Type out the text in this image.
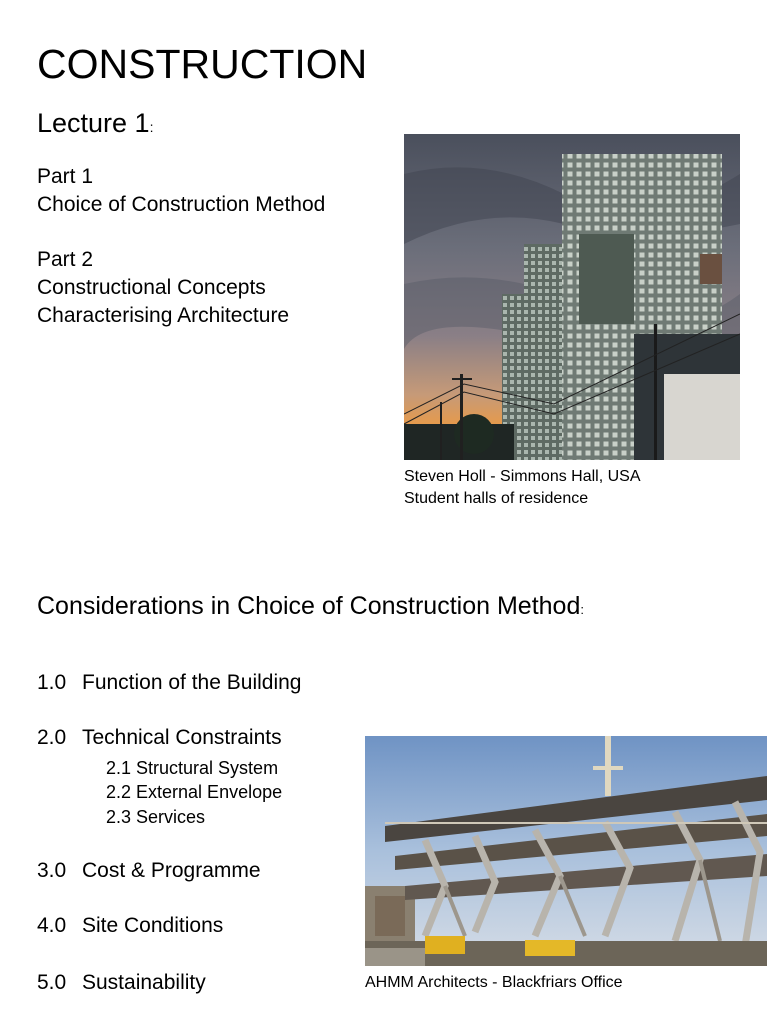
CONSTRUCTION
Lecture 1:
Part 1
Choice of Construction Method
Part 2
Constructional Concepts
Characterising Architecture
Steven Holl - Simmons Hall, USA
Student halls of residence
Considerations in Choice of Construction Method:
1.0 Function of the Building
2.0 Technical Constraints
2.1 Structural System
2.2 External Envelope
2.3 Services
3.0 Cost & Programme
4.0 Site Conditions
5.0 Sustainability	AHMM Architects - Blackfriars Office
